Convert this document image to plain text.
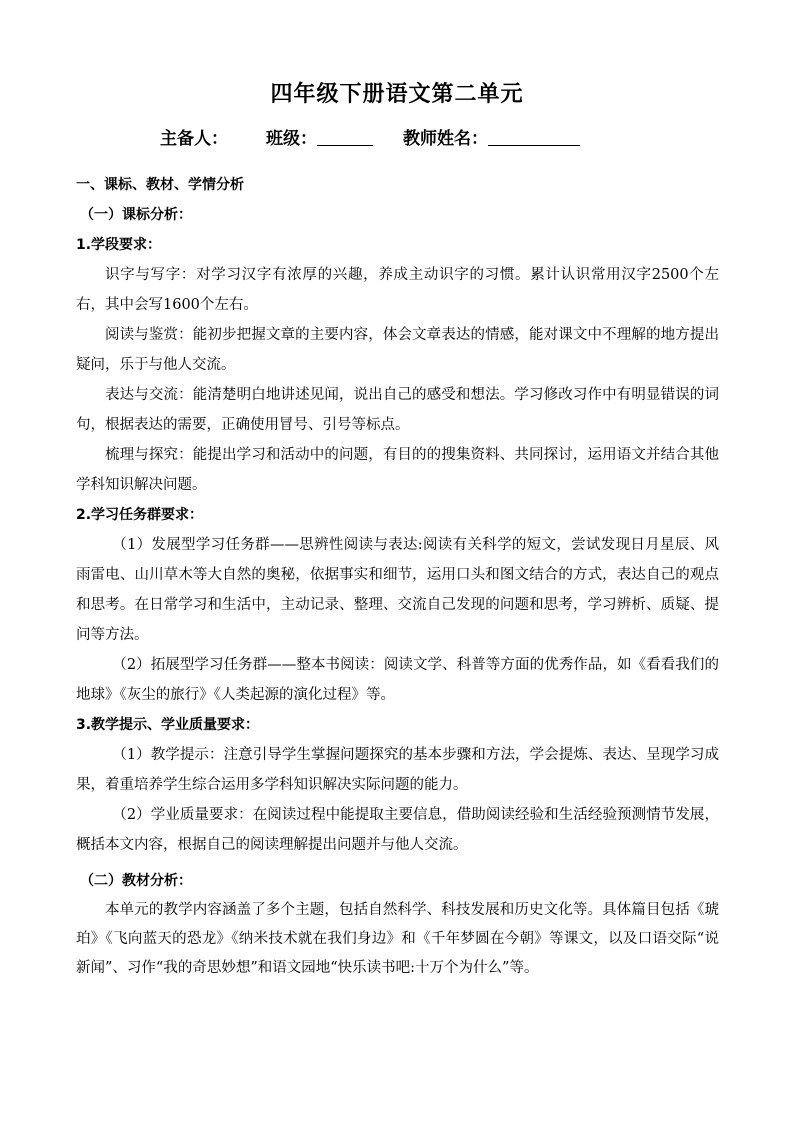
四年级下册语文第二单元
主备人： 班级：	教师姓名：
一、课标、教材、学情分析
（一）课标分析：
1.学段要求：

识字与写字：对学习汉字有浓厚的兴趣，养成主动识字的习惯。累计认识常用汉字2500个左右，其中会写1600个左右。

阅读与鉴赏：能初步把握文章的主要内容，体会文章表达的情感，能对课文中不理解的地方提出疑问，乐于与他人交流。

表达与交流：能清楚明白地讲述见闻，说出自己的感受和想法。学习修改习作中有明显错误的词句，根据表达的需要，正确使用冒号、引号等标点。

梳理与探究：能提出学习和活动中的问题，有目的的搜集资料、共同探讨，运用语文并结合其他学科知识解决问题。

2.学习任务群要求：

（1）发展型学习任务群——思辨性阅读与表达:阅读有关科学的短文，尝试发现日月星辰、风雨雷电、山川草木等大自然的奥秘，依据事实和细节，运用口头和图文结合的方式，表达自己的观点和思考。在日常学习和生活中，主动记录、整理、交流自己发现的问题和思考，学习辨析、质疑、提问等方法。

（2）拓展型学习任务群——整本书阅读：阅读文学、科普等方面的优秀作品，如《看看我们的地球》《灰尘的旅行》《人类起源的演化过程》等。

3.教学提示、学业质量要求：

（1）教学提示：注意引导学生掌握问题探究的基本步骤和方法，学会提炼、表达、呈现学习成果，着重培养学生综合运用多学科知识解决实际问题的能力。

（2）学业质量要求：在阅读过程中能提取主要信息，借助阅读经验和生活经验预测情节发展，概括本文内容，根据自己的阅读理解提出问题并与他人交流。

（二）教材分析：

本单元的教学内容涵盖了多个主题，包括自然科学、科技发展和历史文化等。具体篇目包括《琥珀》《飞向蓝天的恐龙》《纳米技术就在我们身边》和《千年梦圆在今朝》等课文，以及口语交际“说新闻”、习作“我的奇思妙想”和语文园地“快乐读书吧:十万个为什么”等。
